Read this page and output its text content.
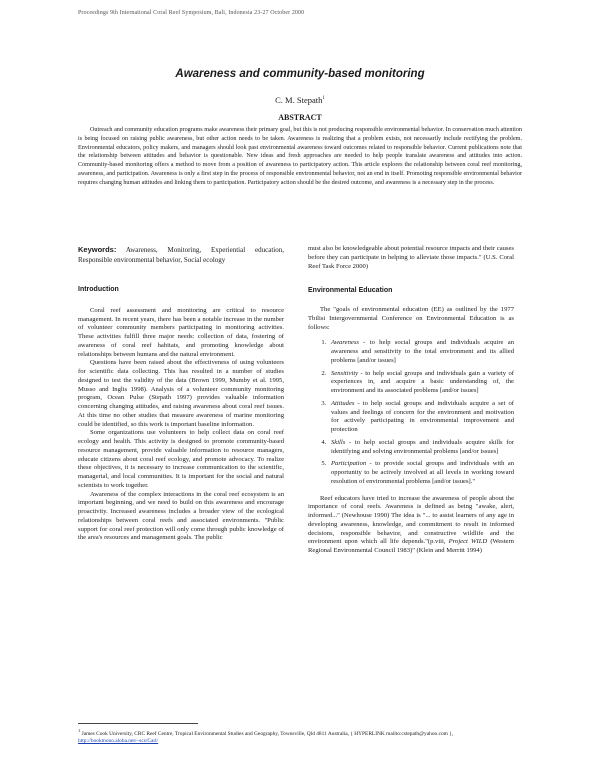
Proceedings 9th International Coral Reef Symposium, Bali, Indonesia 23-27 October 2000
Awareness and community-based monitoring
C. M. Stepath$^1$
ABSTRACT

Outreach and community education programs make awareness their primary goal, but this is not producing responsible environmental behavior. In conservation much attention is being focused on raising public awareness, but other action needs to be taken. Awareness is realizing that a problem exists, not necessarily include rectifying the problem. Environmental educators, policy makers, and managers should look past environmental awareness toward outcomes related to responsible behavior. Current publications note that the relationship between attitudes and behavior is questionable. New ideas and fresh approaches are needed to help people translate awareness and attitudes into action. Community-based monitoring offers a method to move from a position of awareness to participatory action. This article explores the relationship between coral reef monitoring, awareness, and participation. Awareness is only a first step in the process of responsible environmental behavior, not an end in itself. Promoting responsible environmental behavior requires changing human attitudes and linking them to participation. Participatory action should be the desired outcome, and awareness is a necessary step in the process.

Keywords: Awareness, Monitoring, Experiential education, Responsible environmental behavior, Social ecology

Introduction

Coral reef assessment and monitoring are critical to resource management. In recent years, there has been a notable increase in the number of volunteer community members participating in monitoring activities. These activities fulfill three major needs: collection of data, fostering of awareness of coral reef habitats, and promoting knowledge about relationships between humans and the natural environment.

Questions have been raised about the effectiveness of using volunteers for scientific data collecting. This has resulted in a number of studies designed to test the validity of the data (Brown 1999, Mumby et al. 1995, Musso and Inglis 1998). Analysis of a volunteer community monitoring program, Ocean Pulse (Stepath 1997) provides valuable information concerning changing attitudes, and raising awareness about coral reef issues. At this time no other studies that measure awareness of marine monitoring could be identified, so this work is important baseline information.

Some organizations use volunteers to help collect data on coral reef ecology and health. This activity is designed to promote community-based resource management, provide valuable information to resource managers, educate citizens about coral reef ecology, and promote advocacy. To realize these objectives, it is necessary to increase communication to the scientific, managerial, and local communities. It is important for the social and natural scientists to work together.

Awareness of the complex interactions in the coral reef ecosystem is an important beginning, and we need to build on this awareness and encourage proactivity. Increased awareness includes a broader view of the ecological relationships between coral reefs and associated environments. "Public support for coral reef protection will only come through public knowledge of the area's resources and management goals. The public

must also be knowledgeable about potential resource impacts and their causes before they can participate in helping to alleviate those impacts." (U.S. Coral Reef Task Force 2000)

Environmental Education

The "goals of environmental education (EE) as outlined by the 1977 Tbilisi Intergovernmental Conference on Environmental Education is as follows:

1. Awareness - to help social groups and individuals acquire an awareness and sensitivity to the total environment and its allied problems [and/or issues]
2. Sensitivity - to help social groups and individuals gain a variety of experiences in, and acquire a basic understanding of, the environment and its associated problems [and/or issues]
3. Attitudes - to help social groups and individuals acquire a set of values and feelings of concern for the environment and motivation for actively participating in environmental improvement and protection
4. Skills - to help social groups and individuals acquire skills for identifying and solving environmental problems [and/or issues]
5. Participation - to provide social groups and individuals with an opportunity to be actively involved at all levels in working toward resolution of environmental problems [and/or issues]."

Reef educators have tried to increase the awareness of people about the importance of coral reefs. Awareness is defined as being "awake, alert, informed..." (Newhouse 1990) The idea is "... to assist learners of any age in developing awareness, knowledge, and commitment to result in informed decisions, responsible behavior, and constructive wildlife and the environment upon which all life depends."(p.viii, Project WILD (Western Regional Environmental Council 1983)" (Klein and Merritt 1994)

$^1$ James Cook University, CRC Reef Centre, Tropical Environmental Studies and Geography, Townsville, Qld 4811 Australia, { HYPERLINK mailto:cstepath@yahoo.com }, http://bookmono.aloha.net/~scs/Carl/
